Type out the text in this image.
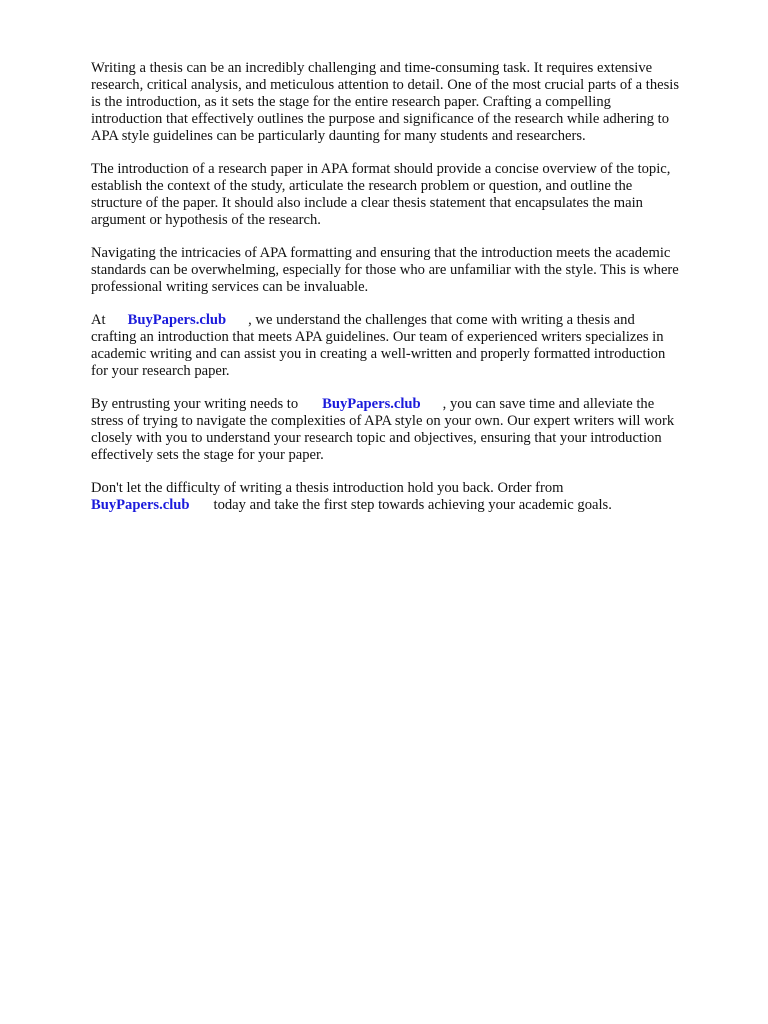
Writing a thesis can be an incredibly challenging and time-consuming task. It requires extensive
research, critical analysis, and meticulous attention to detail. One of the most crucial parts of a thesis
is the introduction, as it sets the stage for the entire research paper. Crafting a compelling
introduction that effectively outlines the purpose and significance of the research while adhering to
APA style guidelines can be particularly daunting for many students and researchers.

The introduction of a research paper in APA format should provide a concise overview of the topic,
establish the context of the study, articulate the research problem or question, and outline the
structure of the paper. It should also include a clear thesis statement that encapsulates the main
argument or hypothesis of the research.

Navigating the intricacies of APA formatting and ensuring that the introduction meets the academic
standards can be overwhelming, especially for those who are unfamiliar with the style. This is where
professional writing services can be invaluable.

At BuyPapers.club , we understand the challenges that come with writing a thesis and
crafting an introduction that meets APA guidelines. Our team of experienced writers specializes in
academic writing and can assist you in creating a well-written and properly formatted introduction
for your research paper.

By entrusting your writing needs to BuyPapers.club , you can save time and alleviate the
stress of trying to navigate the complexities of APA style on your own. Our expert writers will work
closely with you to understand your research topic and objectives, ensuring that your introduction
effectively sets the stage for your paper.

Don't let the difficulty of writing a thesis introduction hold you back. Order from
BuyPapers.club today and take the first step towards achieving your academic goals.
